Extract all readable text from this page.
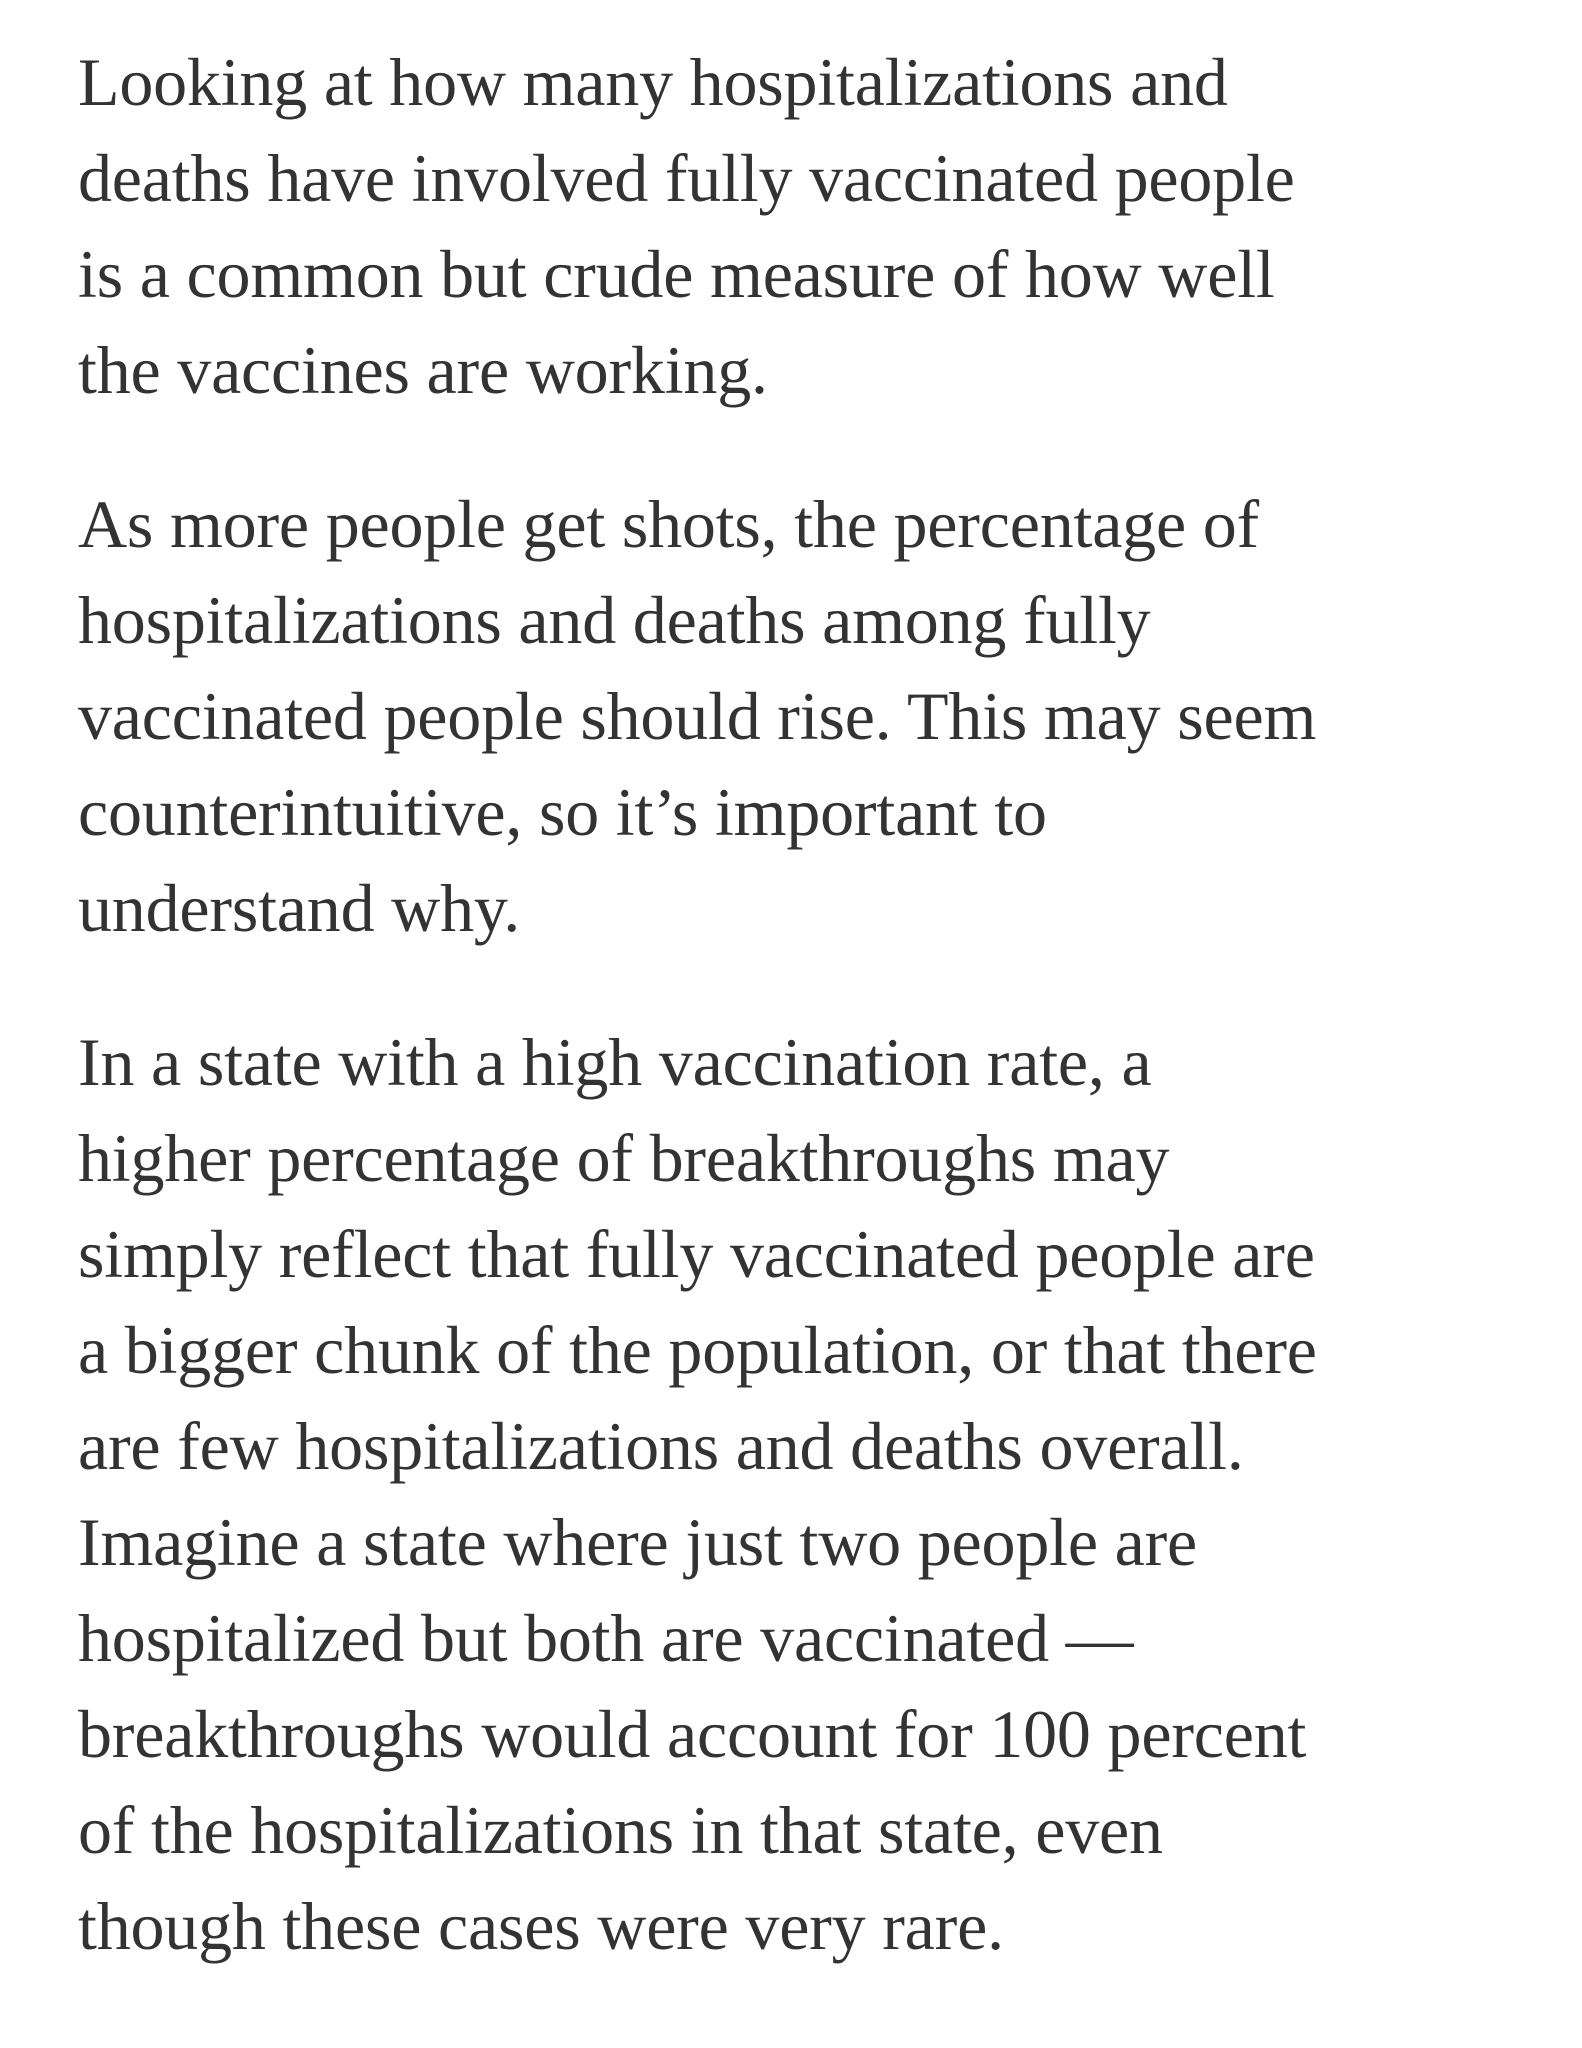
Looking at how many hospitalizations and
deaths have involved fully vaccinated people
is a common but crude measure of how well
the vaccines are working.

As more people get shots, the percentage of
hospitalizations and deaths among fully
vaccinated people should rise. This may seem
counterintuitive, so it’s important to
understand why.

In a state with a high vaccination rate, a
higher percentage of breakthroughs may
simply reflect that fully vaccinated people are
a bigger chunk of the population, or that there
are few hospitalizations and deaths overall.
Imagine a state where just two people are
hospitalized but both are vaccinated —
breakthroughs would account for 100 percent
of the hospitalizations in that state, even
though these cases were very rare.
